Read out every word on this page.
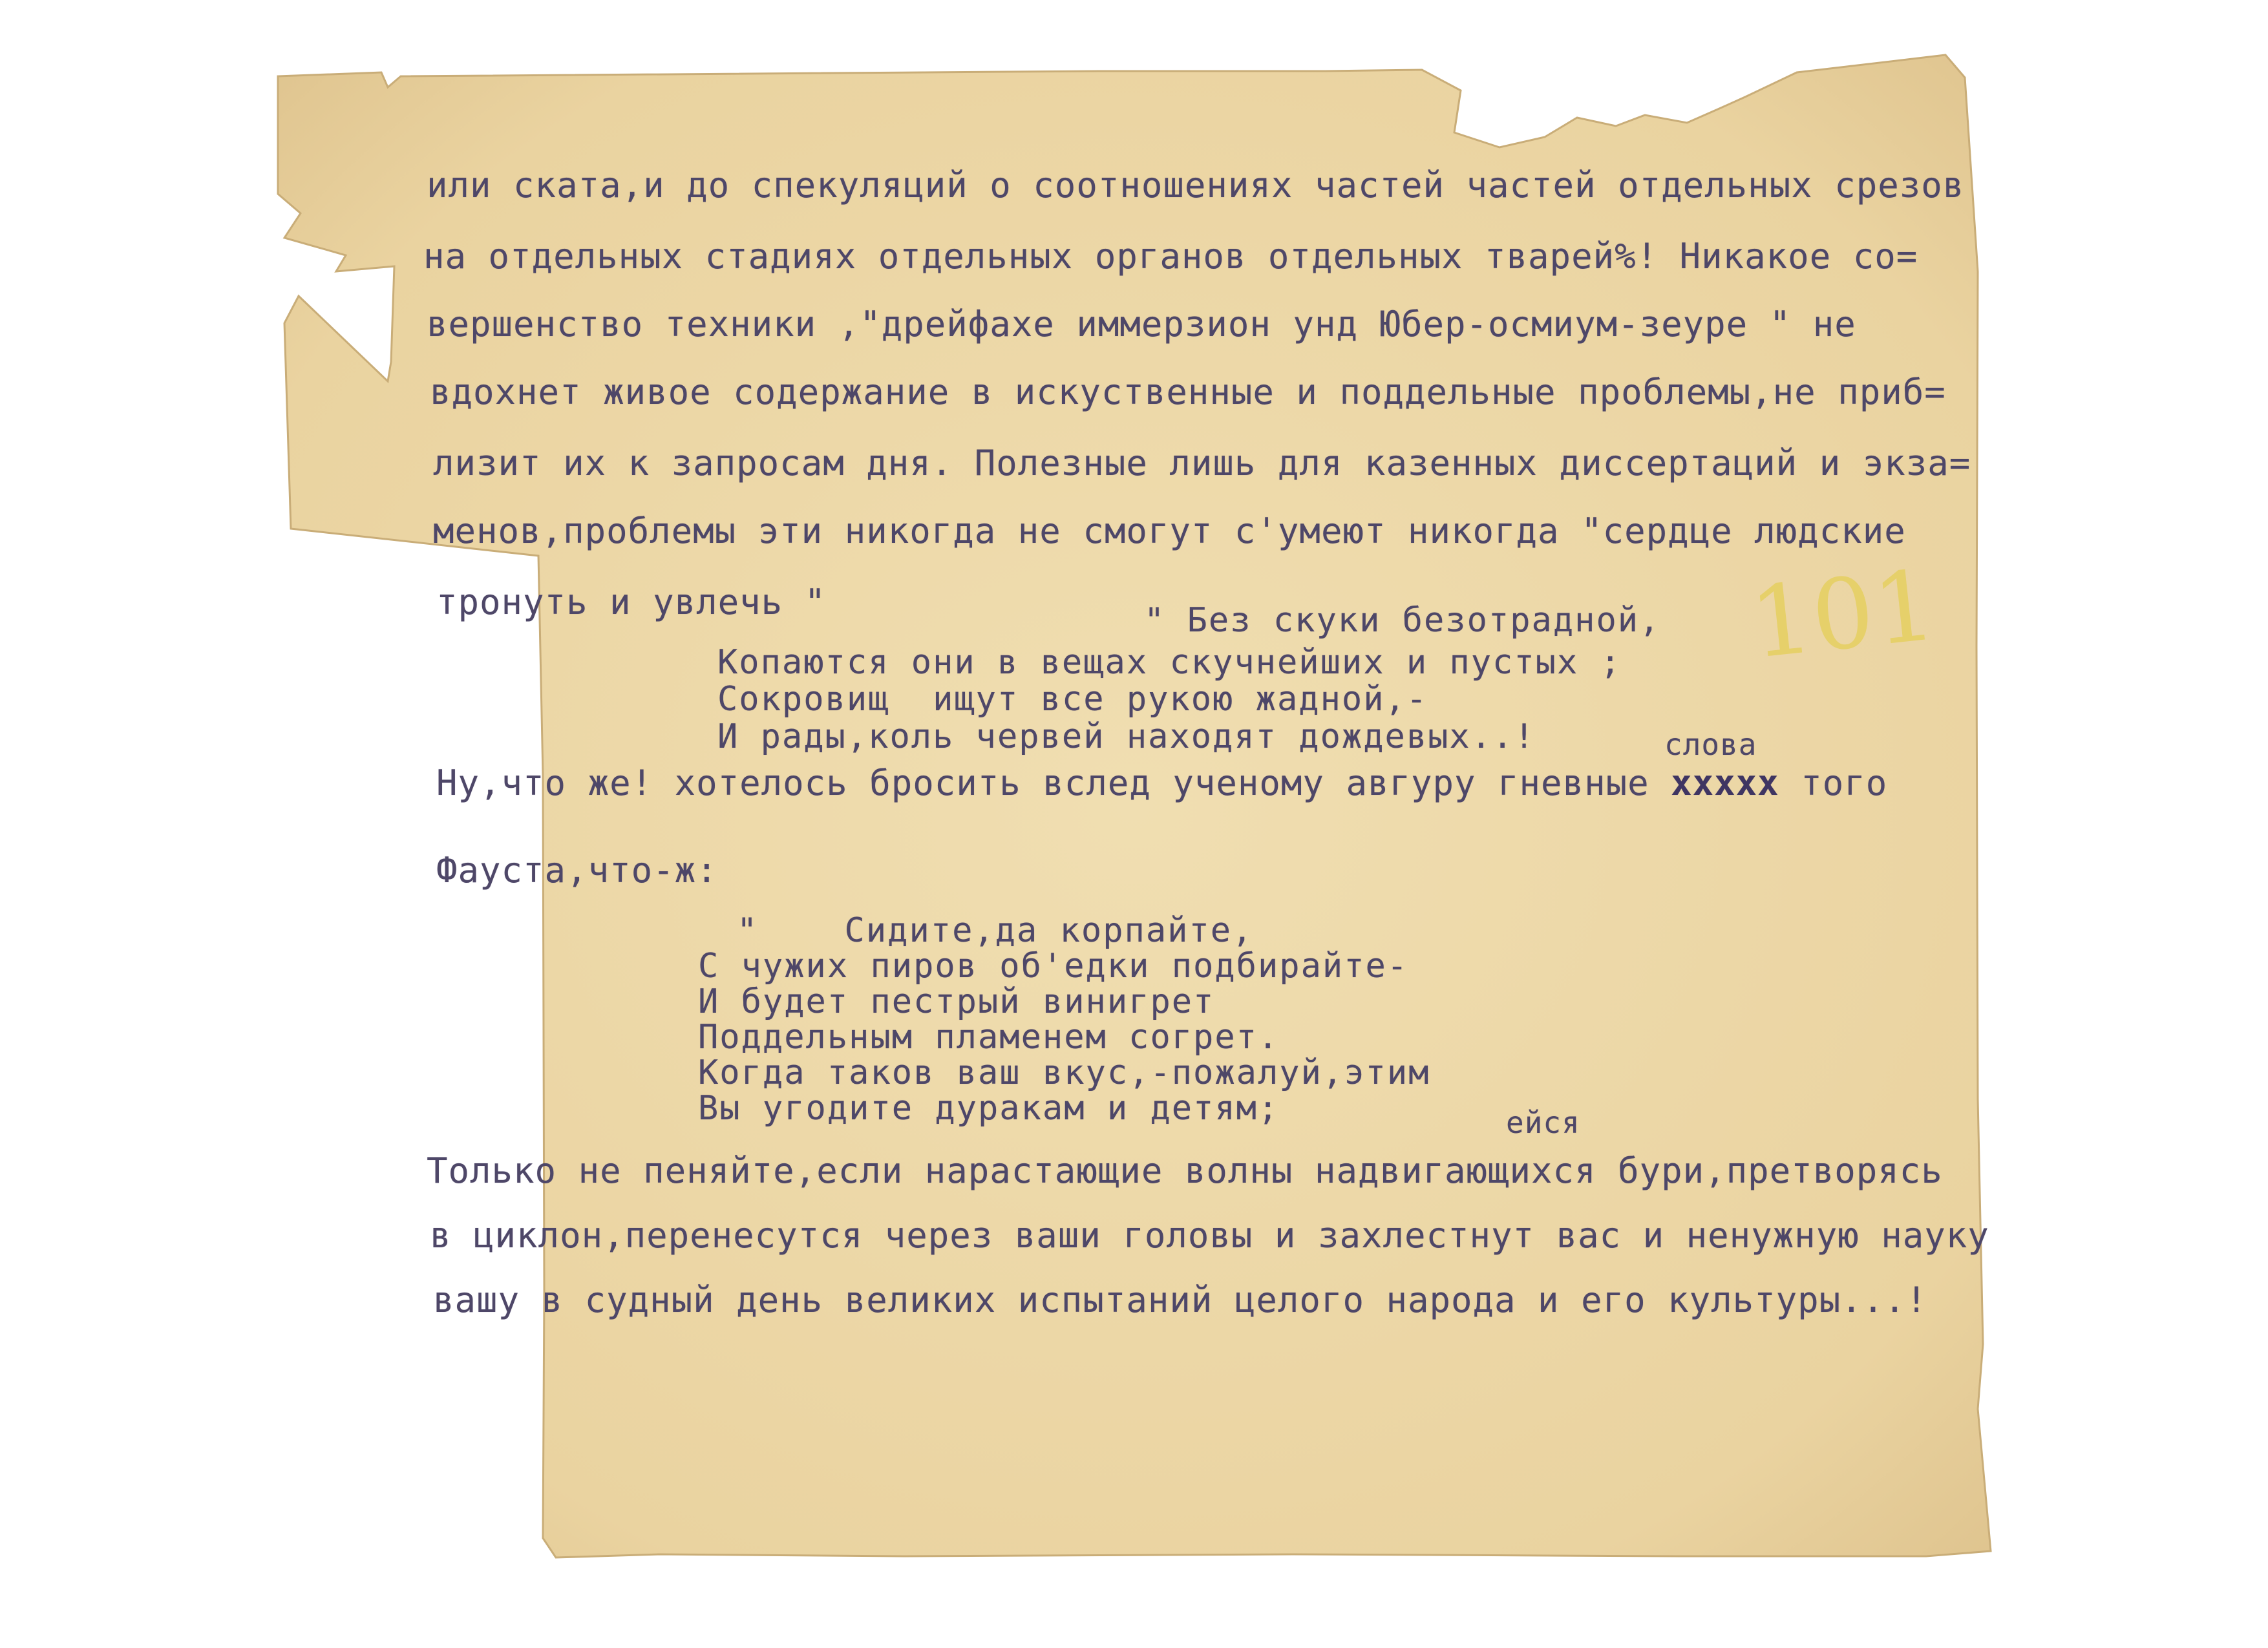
или ската,и до спекуляций о соотношениях частей частей отдельных срезов
на отдельных стадиях отдельных органов отдельных тварей%! Никакое со=
вершенство техники ,"дрейфахе иммерзион унд Юбер-осмиум-зеуре " не
вдохнет живое содержание в искуственные и поддельные проблемы,не приб=
лизит их к запросам дня. Полезные лишь для казенных диссертаций и экза=
менов,проблемы эти никогда не смогут с'умеют никогда "сердце людские
тронуть и увлечь "	" Без скуки безотрадной,
Копаются они в вещах скучнейших и пустых ;
Сокровищ  ищут все рукою жадной,-
И рады,коль червей находят дождевых..!	слова
Ну,что же! хотелось бросить вслед ученому авгуру гневные ххххх того
Фауста,что-ж:
"    Сидите,да корпайте,
С чужих пиров об'едки подбирайте-
И будет пестрый винигрет
Поддельным пламенем согрет.
Когда таков ваш вкус,-пожалуй,этим
Вы угодите дуракам и детям;	ейся
Только не пеняйте,если нарастающие волны надвигающихся бури,претворясь
в циклон,перенесутся через ваши головы и захлестнут вас и ненужную науку
вашу в судный день великих испытаний целого народа и его культуры...!
101
